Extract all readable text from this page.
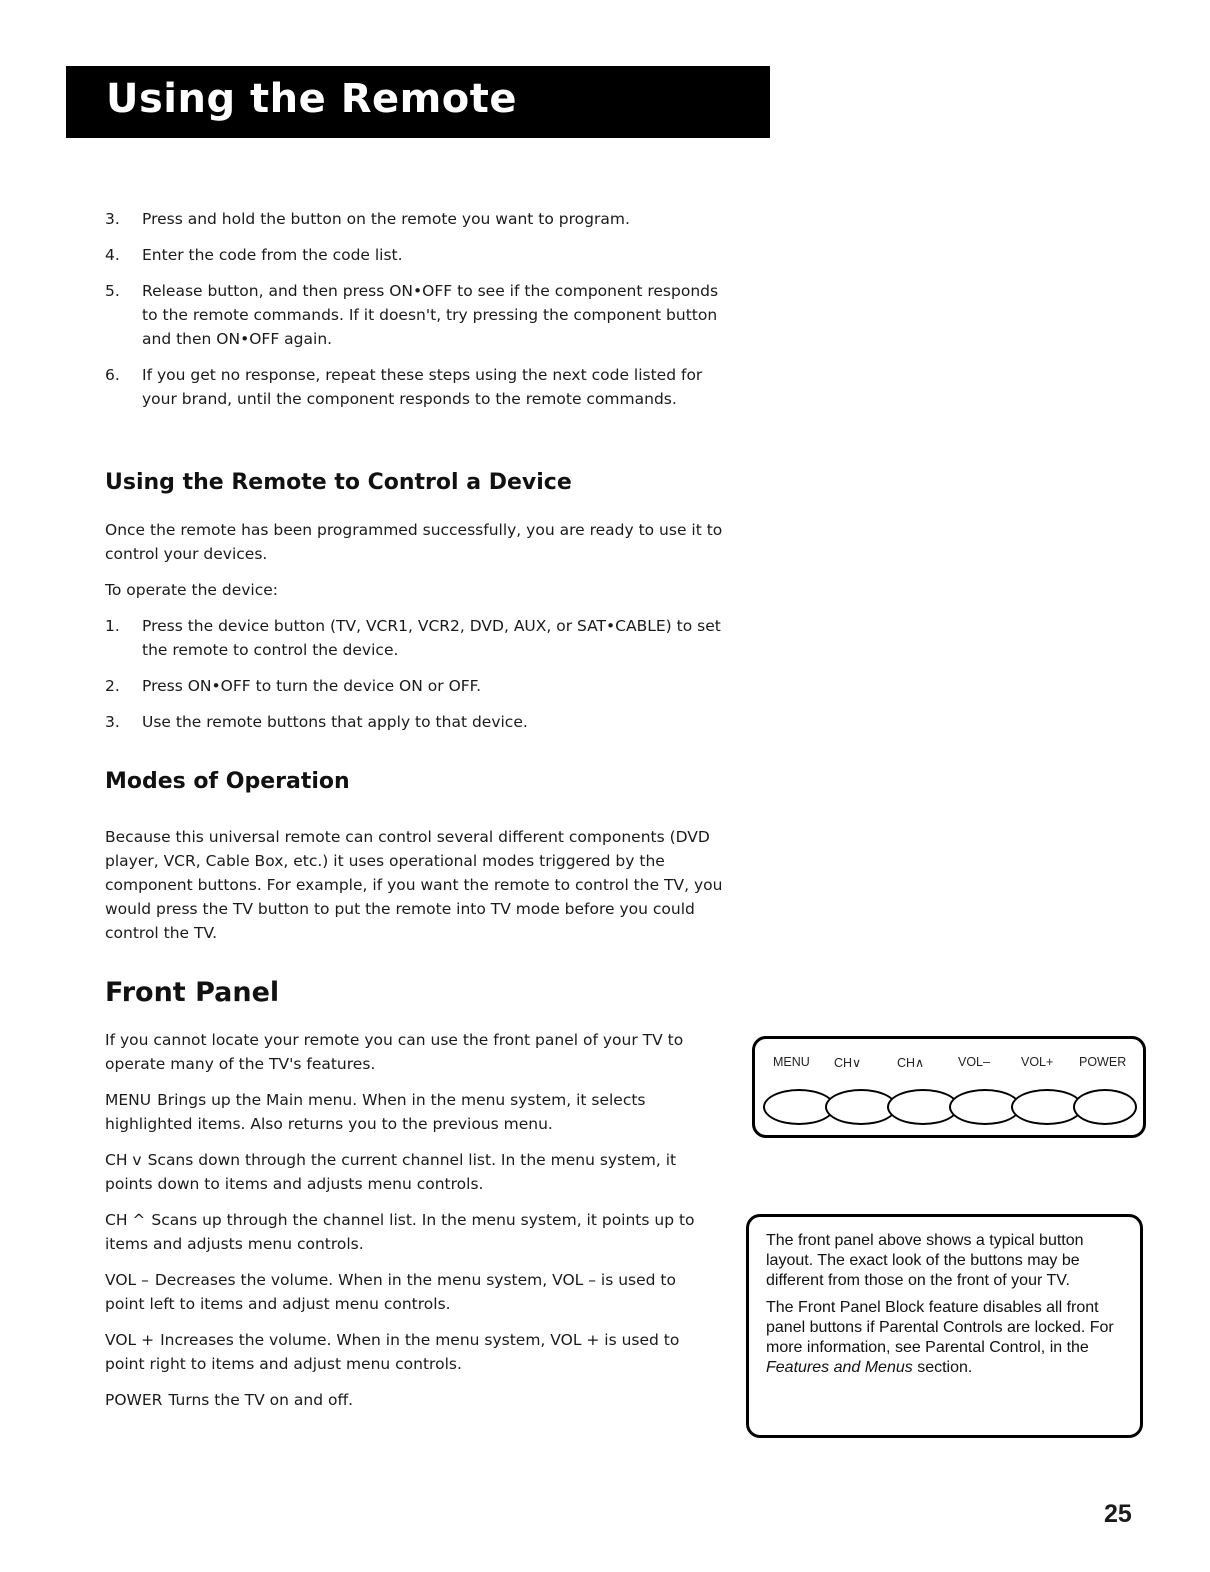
Using the Remote
3. Press and hold the button on the remote you want to program.
4. Enter the code from the code list.
5. Release button, and then press ON•OFF to see if the component responds to the remote commands. If it doesn't, try pressing the component button and then ON•OFF again.
6. If you get no response, repeat these steps using the next code listed for your brand, until the component responds to the remote commands.
Using the Remote to Control a Device

Once the remote has been programmed successfully, you are ready to use it to control your devices.

To operate the device:

1. Press the device button (TV, VCR1, VCR2, DVD, AUX, or SAT•CABLE) to set the remote to control the device.
2. Press ON•OFF to turn the device ON or OFF.
3. Use the remote buttons that apply to that device.
Modes of Operation

Because this universal remote can control several different components (DVD player, VCR, Cable Box, etc.) it uses operational modes triggered by the component buttons. For example, if you want the remote to control the TV, you would press the TV button to put the remote into TV mode before you could control the TV.

Front Panel

If you cannot locate your remote you can use the front panel of your TV to operate many of the TV's features.

MENU Brings up the Main menu. When in the menu system, it selects highlighted items. Also returns you to the previous menu.

CH v Scans down through the current channel list. In the menu system, it points down to items and adjusts menu controls.

CH ^ Scans up through the channel list. In the menu system, it points up to items and adjusts menu controls.

VOL – Decreases the volume. When in the menu system, VOL – is used to point left to items and adjust menu controls.

VOL + Increases the volume. When in the menu system, VOL + is used to point right to items and adjust menu controls.

POWER Turns the TV on and off.

MENU CH∨	CH∧	VOL– VOL+ POWER

The front panel above shows a typical button layout. The exact look of the buttons may be different from those on the front of your TV.

The Front Panel Block feature disables all front panel buttons if Parental Controls are locked. For more information, see Parental Control, in the Features and Menus section.

25
